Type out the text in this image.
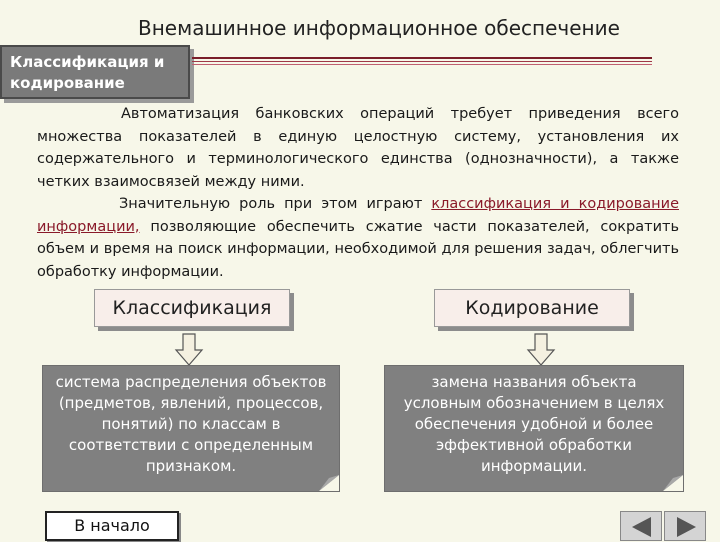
Внемашинное информационное обеспечение
Классификация и
кодирование

Автоматизация банковских операций требует приведения всего множества показателей в единую целостную систему, установления их содержательного и терминологического единства (однозначности), а также четких взаимосвязей между ними.

Значительную роль при этом играют классификация и кодирование информации, позволяющие обеспечить сжатие части показателей, сократить объем и время на поиск информации, необходимой для решения задач, облегчить обработку информации.

Классификация	Кодирование
система распределения объектов (предметов, явлений, процессов, понятий) по классам в соответствии с определенным признаком.
замена названия объекта условным обозначением в целях обеспечения удобной и более эффективной обработки информации.
В начало
